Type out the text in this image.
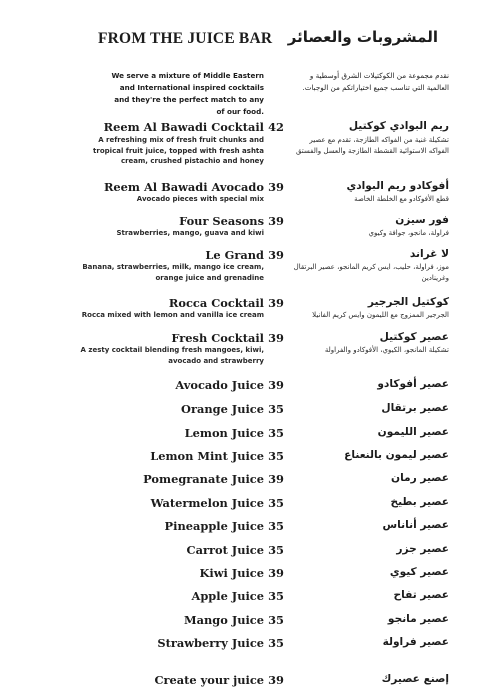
FROM THE JUICE BAR المشروبات والعصائر
We serve a mixture of Middle Eastern and International inspired cocktails and they're the perfect match to any of our food.
نقدم مجموعة من الكوكتيلات الشرق أوسطية و العالمية التي تناسب جميع اختياراتكم من الوجبات.
Reem Al Bawadi Cocktail 42	ريم البوادي كوكتيل
A refreshing mix of fresh fruit chunks and tropical fruit juice, topped with fresh ashta cream, crushed pistachio and honey
تشكيلة غنية من الفواكه الطازجة، تقدم مع عصير الفواكه الاستوائية القشطة الطازجة والعسل والفستق
Reem Al Bawadi Avocado 39	أفوكادو ريم البوادي
Avocado pieces with special mix	قطع الأفوكادو مع الخلطة الخاصة
Four Seasons 39	فور سيزن
Strawberries, mango, guava and kiwi	فراولة، مانجو، جوافة وكيوي
Le Grand 39	لا غراند
Banana, strawberries, milk, mango ice cream, orange juice and grenadine
موز، فراولة، حليب، ايس كريم المانجو، عصير البرتقال وغرينادين
Rocca Cocktail 39	كوكتيل الجرجير
Rocca mixed with lemon and vanilla ice cream	الجرجير الممزوج مع الليمون وايس كريم الفانيلا
Fresh Cocktail 39	عصير كوكتيل
A zesty cocktail blending fresh mangoes, kiwi, avocado and strawberry
تشكيلة المانجو، الكيوي، الأفوكادو والفراولة
Avocado Juice 39	عصير أفوكادو
Orange Juice 35	عصير برتقال
Lemon Juice 35	عصير الليمون
Lemon Mint Juice 35	عصير ليمون بالنعناع
Pomegranate Juice 39	عصير رمان
Watermelon Juice 35	عصير بطيخ
Pineapple Juice 35	عصير أناناس
Carrot Juice 35	عصير جزر
Kiwi Juice 39	عصير كيوي
Apple Juice 35	عصير تفاح
Mango Juice 35	عصير مانجو
Strawberry Juice 35	عصير فراولة
Create your juice 39	إصنع عصيرك
